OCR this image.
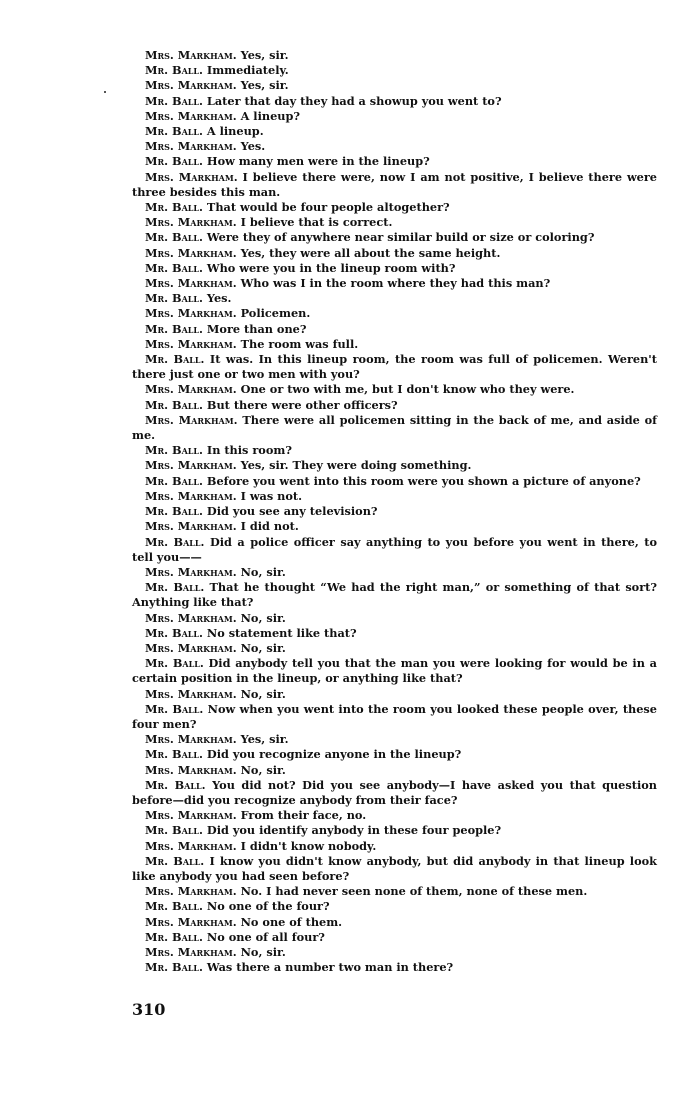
Mrs. Markham. Yes, sir.

Mr. Ball. Immediately.

Mrs. Markham. Yes, sir.

Mr. Ball. Later that day they had a showup you went to?

Mrs. Markham. A lineup?

Mr. Ball. A lineup.

Mrs. Markham. Yes.

Mr. Ball. How many men were in the lineup?

Mrs. Markham. I believe there were, now I am not positive, I believe there were three besides this man.

Mr. Ball. That would be four people altogether?

Mrs. Markham. I believe that is correct.

Mr. Ball. Were they of anywhere near similar build or size or coloring?

Mrs. Markham. Yes, they were all about the same height.

Mr. Ball. Who were you in the lineup room with?

Mrs. Markham. Who was I in the room where they had this man?

Mr. Ball. Yes.

Mrs. Markham. Policemen.

Mr. Ball. More than one?

Mrs. Markham. The room was full.

Mr. Ball. It was. In this lineup room, the room was full of policemen. Weren't there just one or two men with you?

Mrs. Markham. One or two with me, but I don't know who they were.

Mr. Ball. But there were other officers?

Mrs. Markham. There were all policemen sitting in the back of me, and aside of me.

Mr. Ball. In this room?

Mrs. Markham. Yes, sir. They were doing something.

Mr. Ball. Before you went into this room were you shown a picture of anyone?

Mrs. Markham. I was not.

Mr. Ball. Did you see any television?

Mrs. Markham. I did not.

Mr. Ball. Did a police officer say anything to you before you went in there, to tell you——

Mrs. Markham. No, sir.

Mr. Ball. That he thought “We had the right man,” or something of that sort? Anything like that?

Mrs. Markham. No, sir.

Mr. Ball. No statement like that?

Mrs. Markham. No, sir.

Mr. Ball. Did anybody tell you that the man you were looking for would be in a certain position in the lineup, or anything like that?

Mrs. Markham. No, sir.

Mr. Ball. Now when you went into the room you looked these people over, these four men?

Mrs. Markham. Yes, sir.

Mr. Ball. Did you recognize anyone in the lineup?

Mrs. Markham. No, sir.

Mr. Ball. You did not? Did you see anybody—I have asked you that question before—did you recognize anybody from their face?

Mrs. Markham. From their face, no.

Mr. Ball. Did you identify anybody in these four people?

Mrs. Markham. I didn't know nobody.

Mr. Ball. I know you didn't know anybody, but did anybody in that lineup look like anybody you had seen before?

Mrs. Markham. No. I had never seen none of them, none of these men.

Mr. Ball. No one of the four?

Mrs. Markham. No one of them.

Mr. Ball. No one of all four?

Mrs. Markham. No, sir.

Mr. Ball. Was there a number two man in there?

310
